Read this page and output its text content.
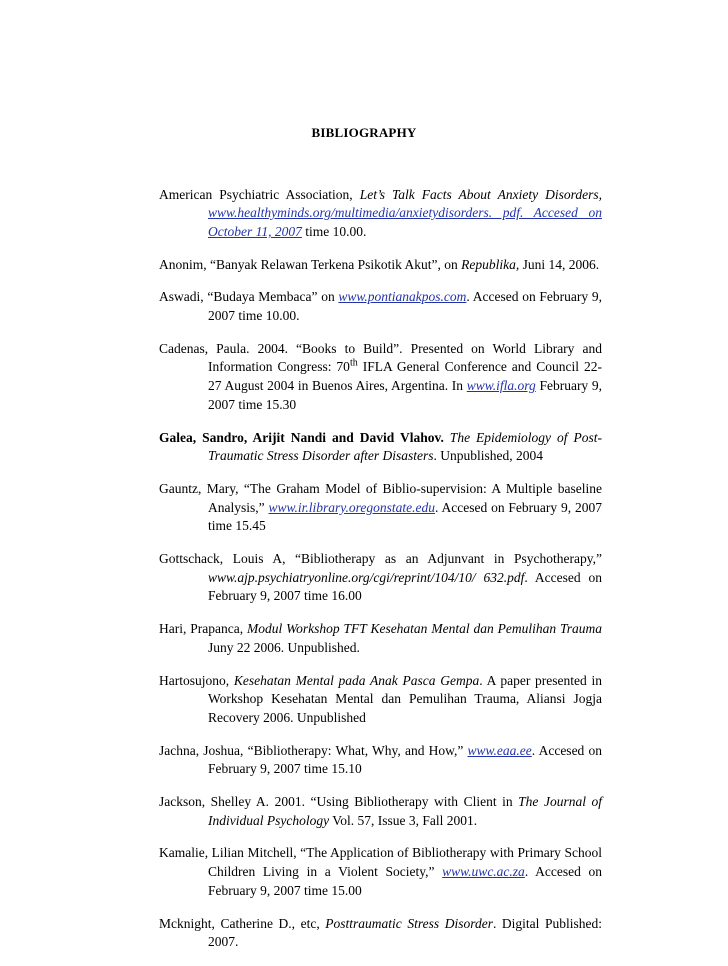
BIBLIOGRAPHY

American Psychiatric Association, Let’s Talk Facts About Anxiety Disorders, www.healthyminds.org/multimedia/anxietydisorders. pdf. Accesed on October 11, 2007 time 10.00.

Anonim, “Banyak Relawan Terkena Psikotik Akut”, on Republika, Juni 14, 2006.

Aswadi, “Budaya Membaca” on www.pontianakpos.com. Accesed on February 9, 2007 time 10.00.

Cadenas, Paula. 2004. “Books to Build”. Presented on World Library and Information Congress: 70th IFLA General Conference and Council 22-27 August 2004 in Buenos Aires, Argentina. In www.ifla.org February 9, 2007 time 15.30

Galea, Sandro, Arijit Nandi and David Vlahov. The Epidemiology of Post-Traumatic Stress Disorder after Disasters. Unpublished, 2004

Gauntz, Mary, “The Graham Model of Biblio-supervision: A Multiple baseline Analysis,” www.ir.library.oregonstate.edu. Accesed on February 9, 2007 time 15.45

Gottschack, Louis A, “Bibliotherapy as an Adjunvant in Psychotherapy,” www.ajp.psychiatryonline.org/cgi/reprint/104/10/ 632.pdf. Accesed on February 9, 2007 time 16.00

Hari, Prapanca, Modul Workshop TFT Kesehatan Mental dan Pemulihan Trauma Juny 22 2006. Unpublished.

Hartosujono, Kesehatan Mental pada Anak Pasca Gempa. A paper presented in Workshop Kesehatan Mental dan Pemulihan Trauma, Aliansi Jogja Recovery 2006. Unpublished

Jachna, Joshua, “Bibliotherapy: What, Why, and How,” www.eaa.ee. Accesed on February 9, 2007 time 15.10

Jackson, Shelley A. 2001. “Using Bibliotherapy with Client in The Journal of Individual Psychology Vol. 57, Issue 3, Fall 2001.

Kamalie, Lilian Mitchell, “The Application of Bibliotherapy with Primary School Children Living in a Violent Society,” www.uwc.ac.za. Accesed on February 9, 2007 time 15.00

Mcknight, Catherine D., etc, Posttraumatic Stress Disorder. Digital Published: 2007.
